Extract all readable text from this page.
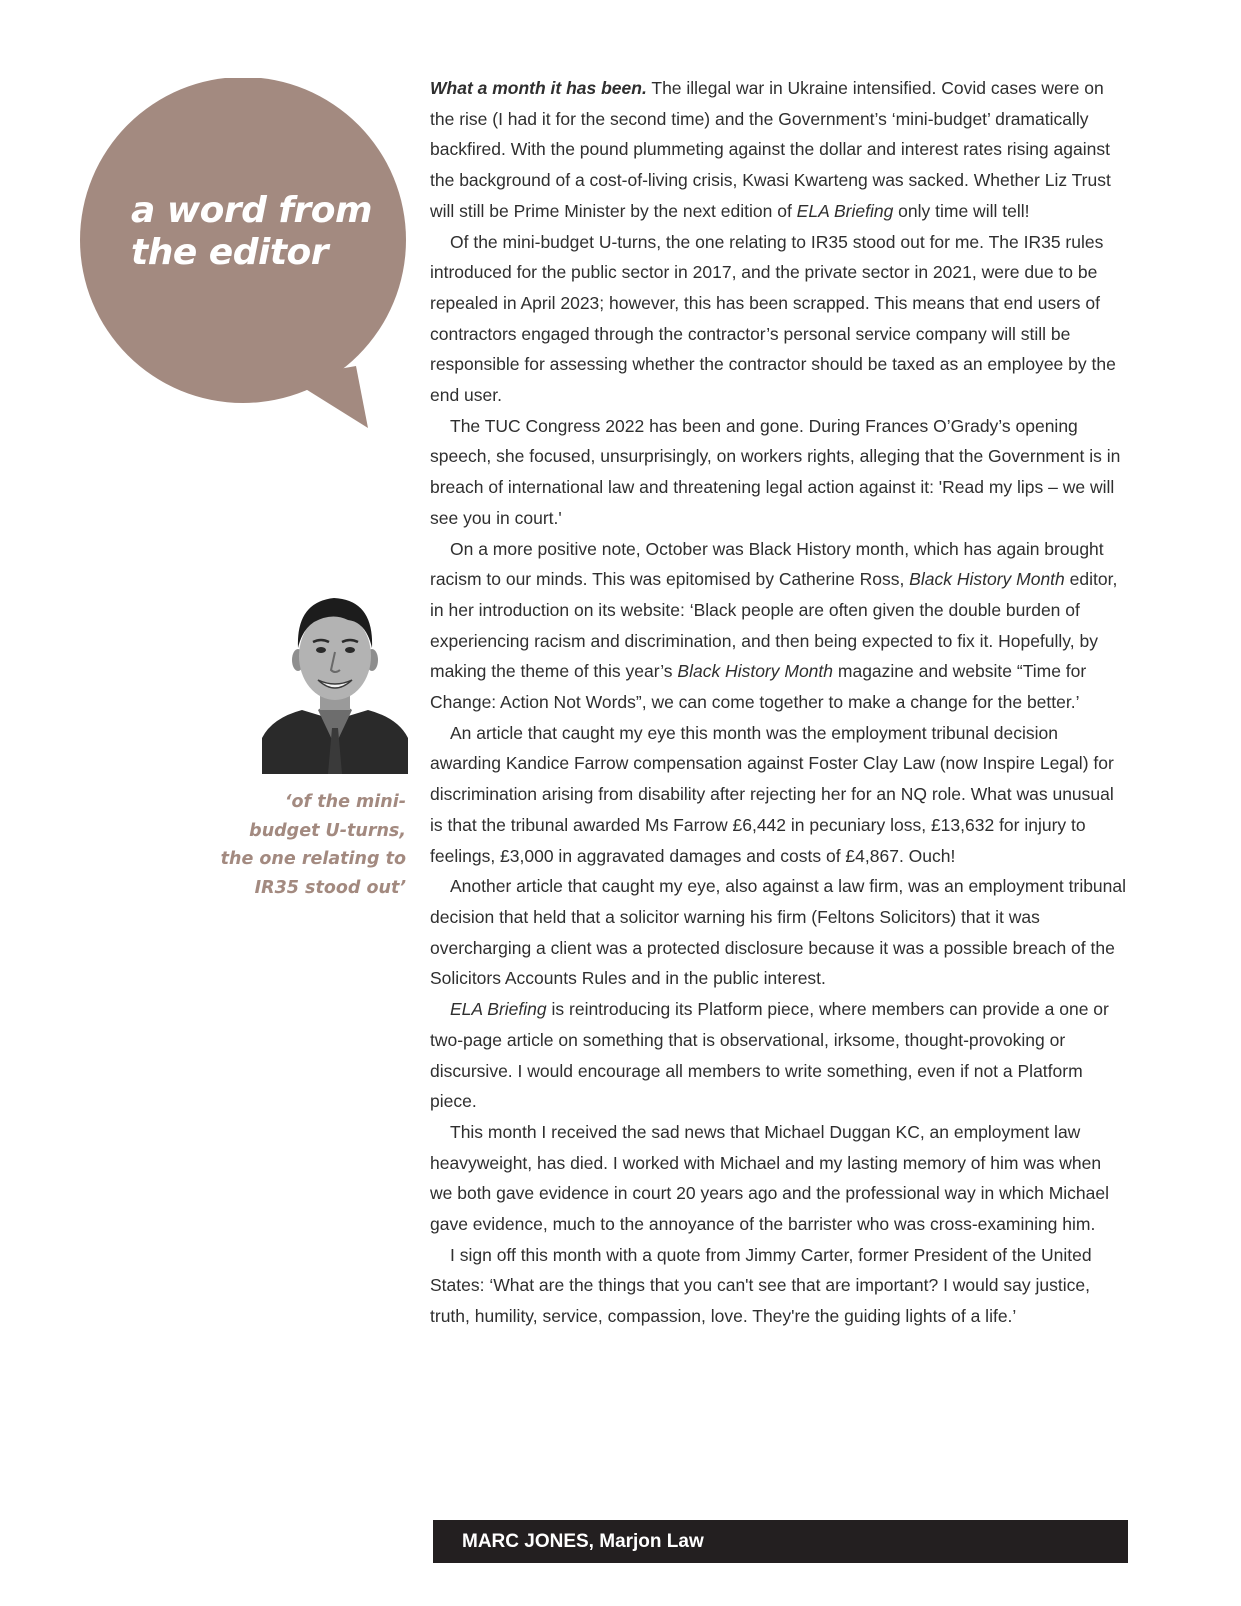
a word from
the editor

‘of the mini-budget U-turns, the one relating to IR35 stood out’

What a month it has been. The illegal war in Ukraine intensified. Covid cases were on the rise (I had it for the second time) and the Government’s ‘mini-budget’ dramatically backfired. With the pound plummeting against the dollar and interest rates rising against the background of a cost-of-living crisis, Kwasi Kwarteng was sacked. Whether Liz Trust will still be Prime Minister by the next edition of ELA Briefing only time will tell!

Of the mini-budget U-turns, the one relating to IR35 stood out for me. The IR35 rules introduced for the public sector in 2017, and the private sector in 2021, were due to be repealed in April 2023; however, this has been scrapped. This means that end users of contractors engaged through the contractor’s personal service company will still be responsible for assessing whether the contractor should be taxed as an employee by the end user.

The TUC Congress 2022 has been and gone. During Frances O’Grady’s opening speech, she focused, unsurprisingly, on workers rights, alleging that the Government is in breach of international law and threatening legal action against it: 'Read my lips – we will see you in court.'

On a more positive note, October was Black History month, which has again brought racism to our minds. This was epitomised by Catherine Ross, Black History Month editor, in her introduction on its website: ‘Black people are often given the double burden of experiencing racism and discrimination, and then being expected to fix it. Hopefully, by making the theme of this year’s Black History Month magazine and website “Time for Change: Action Not Words”, we can come together to make a change for the better.’

An article that caught my eye this month was the employment tribunal decision awarding Kandice Farrow compensation against Foster Clay Law (now Inspire Legal) for discrimination arising from disability after rejecting her for an NQ role. What was unusual is that the tribunal awarded Ms Farrow £6,442 in pecuniary loss, £13,632 for injury to feelings, £3,000 in aggravated damages and costs of £4,867. Ouch!

Another article that caught my eye, also against a law firm, was an employment tribunal decision that held that a solicitor warning his firm (Feltons Solicitors) that it was overcharging a client was a protected disclosure because it was a possible breach of the Solicitors Accounts Rules and in the public interest.

ELA Briefing is reintroducing its Platform piece, where members can provide a one or two-page article on something that is observational, irksome, thought-provoking or discursive. I would encourage all members to write something, even if not a Platform piece.

This month I received the sad news that Michael Duggan KC, an employment law heavyweight, has died. I worked with Michael and my lasting memory of him was when we both gave evidence in court 20 years ago and the professional way in which Michael gave evidence, much to the annoyance of the barrister who was cross-examining him.

I sign off this month with a quote from Jimmy Carter, former President of the United States: ‘What are the things that you can't see that are important? I would say justice, truth, humility, service, compassion, love. They're the guiding lights of a life.’

MARC JONES, Marjon Law
